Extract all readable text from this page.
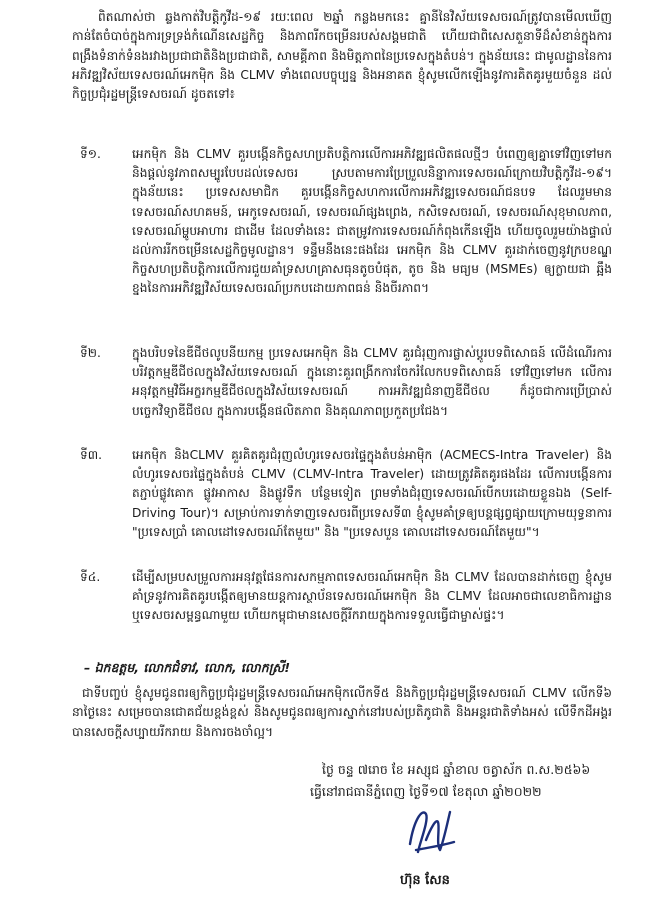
ពិតណាស់ថា ឆ្លងកាត់វិបត្តិកូវីដ-១៩ រយៈពេល ២ឆ្នាំ កន្លងមកនេះ គ្នានីនៃវិស័យទេសចរណ៍ត្រូវបានមើលឃើញ កាន់តែចំបាច់ក្នុងការទ្រទ្រង់កំណើនសេដ្ឋកិច្ច និងភាពរីកចម្រើនរបស់សង្គមជាតិ ហើយជាពិសេសតួនាទីដ៏សំខាន់ក្នុងការពង្រឹងទំនាក់ទំនងរវាងប្រជាជាតិនិងប្រជាជាតិ, សាមគ្គីភាព និងមិត្តភាពនៃប្រទេសក្នុងតំបន់។ ក្នុងន័យនេះ ជាមូលដ្ឋាននៃការអភិវឌ្ឍវិស័យទេសចរណ៍អេកម៉ិក និង CLMV ទាំងពេលបច្ចុប្បន្ន និងអនាគត ខ្ញុំសូមលើកឡើងនូវការគិតគូរមួយចំនួន ដល់កិច្ចប្រជុំរដ្ឋមន្ត្រីទេសចរណ៍ ដូចតទៅ៖

ទី១.	អេកម៉ិក និង CLMV គួរបង្កើនកិច្ចសហប្រតិបត្តិការលើការអភិវឌ្ឍផលិតផលថ្មីៗ បំពេញឲ្យគ្នាទៅវិញទៅមក និងផ្តល់នូវភាពសម្បូរបែបដល់ទេសចរ ស្របតាមការប្រែប្រួលនិន្នាការទេសចរណ៍ក្រោយវិបត្តិកូវីដ-១៩។ ក្នុងន័យនេះ ប្រទេសសមាជិក គួរបង្កើនកិច្ចសហការលើការអភិវឌ្ឍទេសចរណ៍ជនបទ ដែលរួមមានទេសចរណ៍សហគមន៍, អេកូទេសចរណ៍, ទេសចរណ៍ផ្សងព្រេង, កសិទេសចរណ៍, ទេសចរណ៍សុខុមាលភាព, ទេសចរណ៍ម្ហូបអាហារ ជាដើម ដែលទាំងនេះ ជាតម្រូវការទេសចរណ៍កំពុងកើនឡើង ហើយចូលរួមយ៉ាងផ្ទាល់ដល់ការរីកចម្រើនសេដ្ឋកិច្ចមូលដ្ឋាន។ ទន្ទឹមនឹងនេះផងដែរ អេកម៉ិក និង CLMV គួរដាក់ចេញនូវក្របខណ្ឌកិច្ចសហប្រតិបត្តិការលើការជួយគាំទ្រសហគ្រាសធុនតូចបំផុត, តូច និង មធ្យម (MSMEs) ឲ្យក្លាយជា ឆ្អឹងខ្នងនៃការអភិវឌ្ឍវិស័យទេសចរណ៍ប្រកបដោយភាពធន់ និងចីរភាព។
ទី២.	ក្នុងបរិបទនៃឌីជីថលូបនីយកម្ម ប្រទេសអេកម៉ិក និង CLMV គួរជំរុញការផ្លាស់ប្តូរបទពិសោធន៍ លើដំណើរការបរិវត្តកម្មឌីជីថលក្នុងវិស័យទេសចរណ៍ ក្នុងនោះគួរពង្រីកការចែករំលែកបទពិសោធន៍ ទៅវិញទៅមក លើការអនុវត្តកម្មវិធីអក្ខរកម្មឌីជីថលក្នុងវិស័យទេសចរណ៍ ការអភិវឌ្ឍជំនាញឌីជីថល ក៏ដូចជាការប្រើប្រាស់បច្ចេកវិទ្យាឌីជីថល ក្នុងការបង្កើនផលិតភាព និងគុណភាពប្រកួតប្រជែង។
ទី៣.	អេកម៉ិក និងCLMV គួរគិតគូរជំរុញលំហូរទេសចរផ្ទៃក្នុងតំបន់អាម៉ិក (ACMECS-Intra Traveler) និង លំហូរទេសចរផ្ទៃក្នុងតំបន់ CLMV (CLMV-Intra Traveler) ដោយត្រូវគិតគូរផងដែរ លើការបង្កើនការតភ្ជាប់ផ្លូវគោក ផ្លូវអាកាស និងផ្លូវទឹក បន្ថែមទៀត ព្រមទាំងជំរុញទេសចរណ៍បើកបរដោយខ្លួនឯង (Self-Driving Tour)។ សម្រាប់ការទាក់ទាញទេសចរពីប្រទេសទី៣ ខ្ញុំសូមគាំទ្រឲ្យបន្តផ្សព្វផ្សាយក្រោមយុទ្ធនាការ "ប្រទេសប្រាំ គោលដៅទេសចរណ៍តែមួយ" និង "ប្រទេសបួន គោលដៅទេសចរណ៍តែមួយ"។
ទី៤.	ដើម្បីសម្របសម្រួលការអនុវត្តផែនការសកម្មភាពទេសចរណ៍អេកម៉ិក និង CLMV ដែលបានដាក់ចេញ ខ្ញុំសូមគាំទ្រនូវការគិតគូរបង្កើតឲ្យមានយន្តការស្ថាប័នទេសចរណ៍អេកម៉ិក និង CLMV ដែលអាចជាលេខាធិការដ្ឋាន ឬទេសចរសម្ពន្ធណាមួយ ហើយកម្ពុជាមានសេចក្តីរីករាយក្នុងការទទួលធ្វើជាម្ចាស់ផ្ទះ។
– ឯកឧត្តម, លោកជំទាវ, លោក, លោកស្រី!

ជាទីបញ្ចប់ ខ្ញុំសូមជូនពរឲ្យកិច្ចប្រជុំរដ្ឋមន្ត្រីទេសចរណ៍អេកម៉ិកលើកទី៥ និងកិច្ចប្រជុំរដ្ឋមន្ត្រីទេសចរណ៍ CLMV លើកទី៦ នាថ្ងៃនេះ សម្រេចបានជោគជ័យខ្ពង់ខ្ពស់ និងសូមជូនពរឲ្យការស្នាក់នៅរបស់ប្រតិភូជាតិ និងអន្តរជាតិទាំងអស់ លើទឹកដីអង្គរ បានសេចក្តីសប្បាយរីករាយ និងការចងចាំល្អ។

ថ្ងៃ ចន្ទ ៧រោច ខែ អស្សុជ ឆ្នាំខាល ចត្វាស័ក ព.ស.២៥៦៦
ធ្វើនៅរាជធានីភ្នំពេញ ថ្ងៃទី១៧ ខែតុលា ឆ្នាំ២០២២
ហ៊ុន សែន
